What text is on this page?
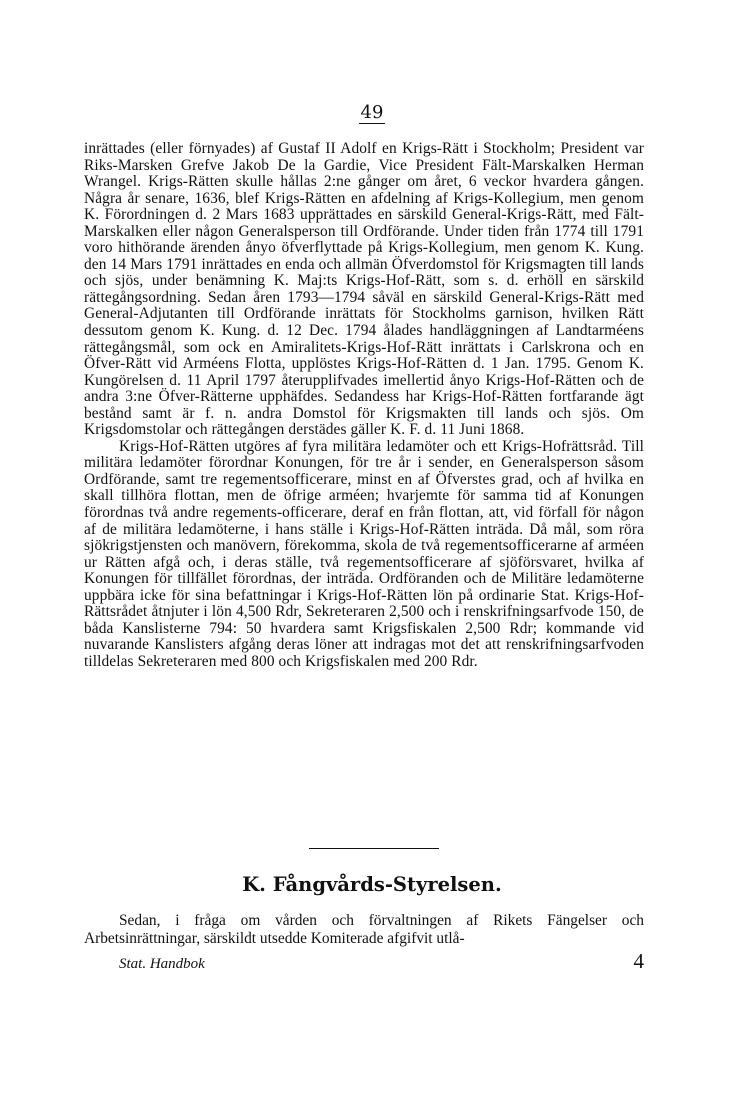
49

inrättades (eller förnyades) af Gustaf II Adolf en Krigs-Rätt i Stockholm; President var Riks-Marsken Grefve Jakob De la Gardie, Vice President Fält-Marskalken Herman Wrangel. Krigs-Rätten skulle hållas 2:ne gånger om året, 6 veckor hvardera gången. Några år senare, 1636, blef Krigs-Rätten en afdelning af Krigs-Kollegium, men genom K. Förordningen d. 2 Mars 1683 upprättades en särskild General-Krigs-Rätt, med Fält-Marskalken eller någon Generalsperson till Ordförande. Under tiden från 1774 till 1791 voro hithörande ärenden ånyo öfverflyttade på Krigs-Kollegium, men genom K. Kung. den 14 Mars 1791 inrättades en enda och allmän Öfverdomstol för Krigsmagten till lands och sjös, under benämning K. Maj:ts Krigs-Hof-Rätt, som s. d. erhöll en särskild rättegångsordning. Sedan åren 1793—1794 såväl en särskild General-Krigs-Rätt med General-Adjutanten till Ordförande inrättats för Stockholms garnison, hvilken Rätt dessutom genom K. Kung. d. 12 Dec. 1794 ålades handläggningen af Landtarméens rättegångsmål, som ock en Amiralitets-Krigs-Hof-Rätt inrättats i Carlskrona och en Öfver-Rätt vid Arméens Flotta, upplöstes Krigs-Hof-Rätten d. 1 Jan. 1795. Genom K. Kungörelsen d. 11 April 1797 återupplifvades imellertid ånyo Krigs-Hof-Rätten och de andra 3:ne Öfver-Rätterne upphäfdes. Sedandess har Krigs-Hof-Rätten fortfarande ägt bestånd samt är f. n. andra Domstol för Krigsmakten till lands och sjös. Om Krigsdomstolar och rättegången derstädes gäller K. F. d. 11 Juni 1868.

Krigs-Hof-Rätten utgöres af fyra militära ledamöter och ett Krigs-Hofrättsråd. Till militära ledamöter förordnar Konungen, för tre år i sender, en Generalsperson såsom Ordförande, samt tre regementsofficerare, minst en af Öfverstes grad, och af hvilka en skall tillhöra flottan, men de öfrige arméen; hvarjemte för samma tid af Konungen förordnas två andre regements-officerare, deraf en från flottan, att, vid förfall för någon af de militära ledamöterne, i hans ställe i Krigs-Hof-Rätten inträda. Då mål, som röra sjökrigstjensten och manövern, förekomma, skola de två regementsofficerarne af arméen ur Rätten afgå och, i deras ställe, två regementsofficerare af sjöförsvaret, hvilka af Konungen för tillfället förordnas, der inträda. Ordföranden och de Militäre ledamöterne uppbära icke för sina befattningar i Krigs-Hof-Rätten lön på ordinarie Stat. Krigs-Hof-Rättsrådet åtnjuter i lön 4,500 Rdr, Sekreteraren 2,500 och i renskrifningsarfvode 150, de båda Kanslisterne 794: 50 hvardera samt Krigsfiskalen 2,500 Rdr; kommande vid nuvarande Kanslisters afgång deras löner att indragas mot det att renskrifningsarfvoden tilldelas Sekreteraren med 800 och Krigsfiskalen med 200 Rdr.

K. Fångvårds-Styrelsen.
Sedan, i fråga om vården och förvaltningen af Rikets Fängelser och Arbetsinrättningar, särskildt utsedde Komiterade afgifvit utlå-
Stat. Handbok	4
